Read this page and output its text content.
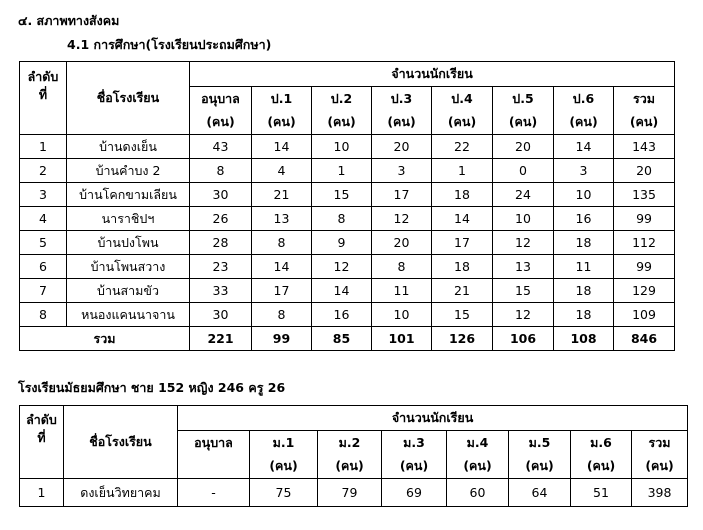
๔. สภาพทางสังคม
4.1 การศึกษา(โรงเรียนประถมศึกษา)
ลำดับ
ที่	ชื่อโรงเรียน	จำนวนนักเรียน							
		อนุบาล	ป.1	ป.2	ป.3	ป.4	ป.5	ป.6	รวม
		(คน)	(คน)	(คน)	(คน)	(คน)	(คน)	(คน)	(คน)
1	บ้านดงเย็น	43	14	10	20	22	20	14	143
2	บ้านคำบง 2	8	4	1	3	1	0	3	20
3	บ้านโคกขามเลียน	30	21	15	17	18	24	10	135
4	นาราชิปฯ	26	13	8	12	14	10	16	99
5	บ้านปงโพน	28	8	9	20	17	12	18	112
6	บ้านโพนสวาง	23	14	12	8	18	13	11	99
7	บ้านสามขัว	33	17	14	11	21	15	18	129
8	หนองแคนนาจาน	30	8	16	10	15	12	18	109
รวม		221	99	85	101	126	106	108	846
โรงเรียนมัธยมศึกษา ชาย 152 หญิง 246 ครู 26
ลำดับ
ที่	ชื่อโรงเรียน	จำนวนนักเรียน							
		อนุบาล	ม.1	ม.2	ม.3	ม.4	ม.5	ม.6	รวม
			(คน)	(คน)	(คน)	(คน)	(คน)	(คน)	(คน)
1	ดงเย็นวิทยาคม	-	75	79	69	60	64	51	398
